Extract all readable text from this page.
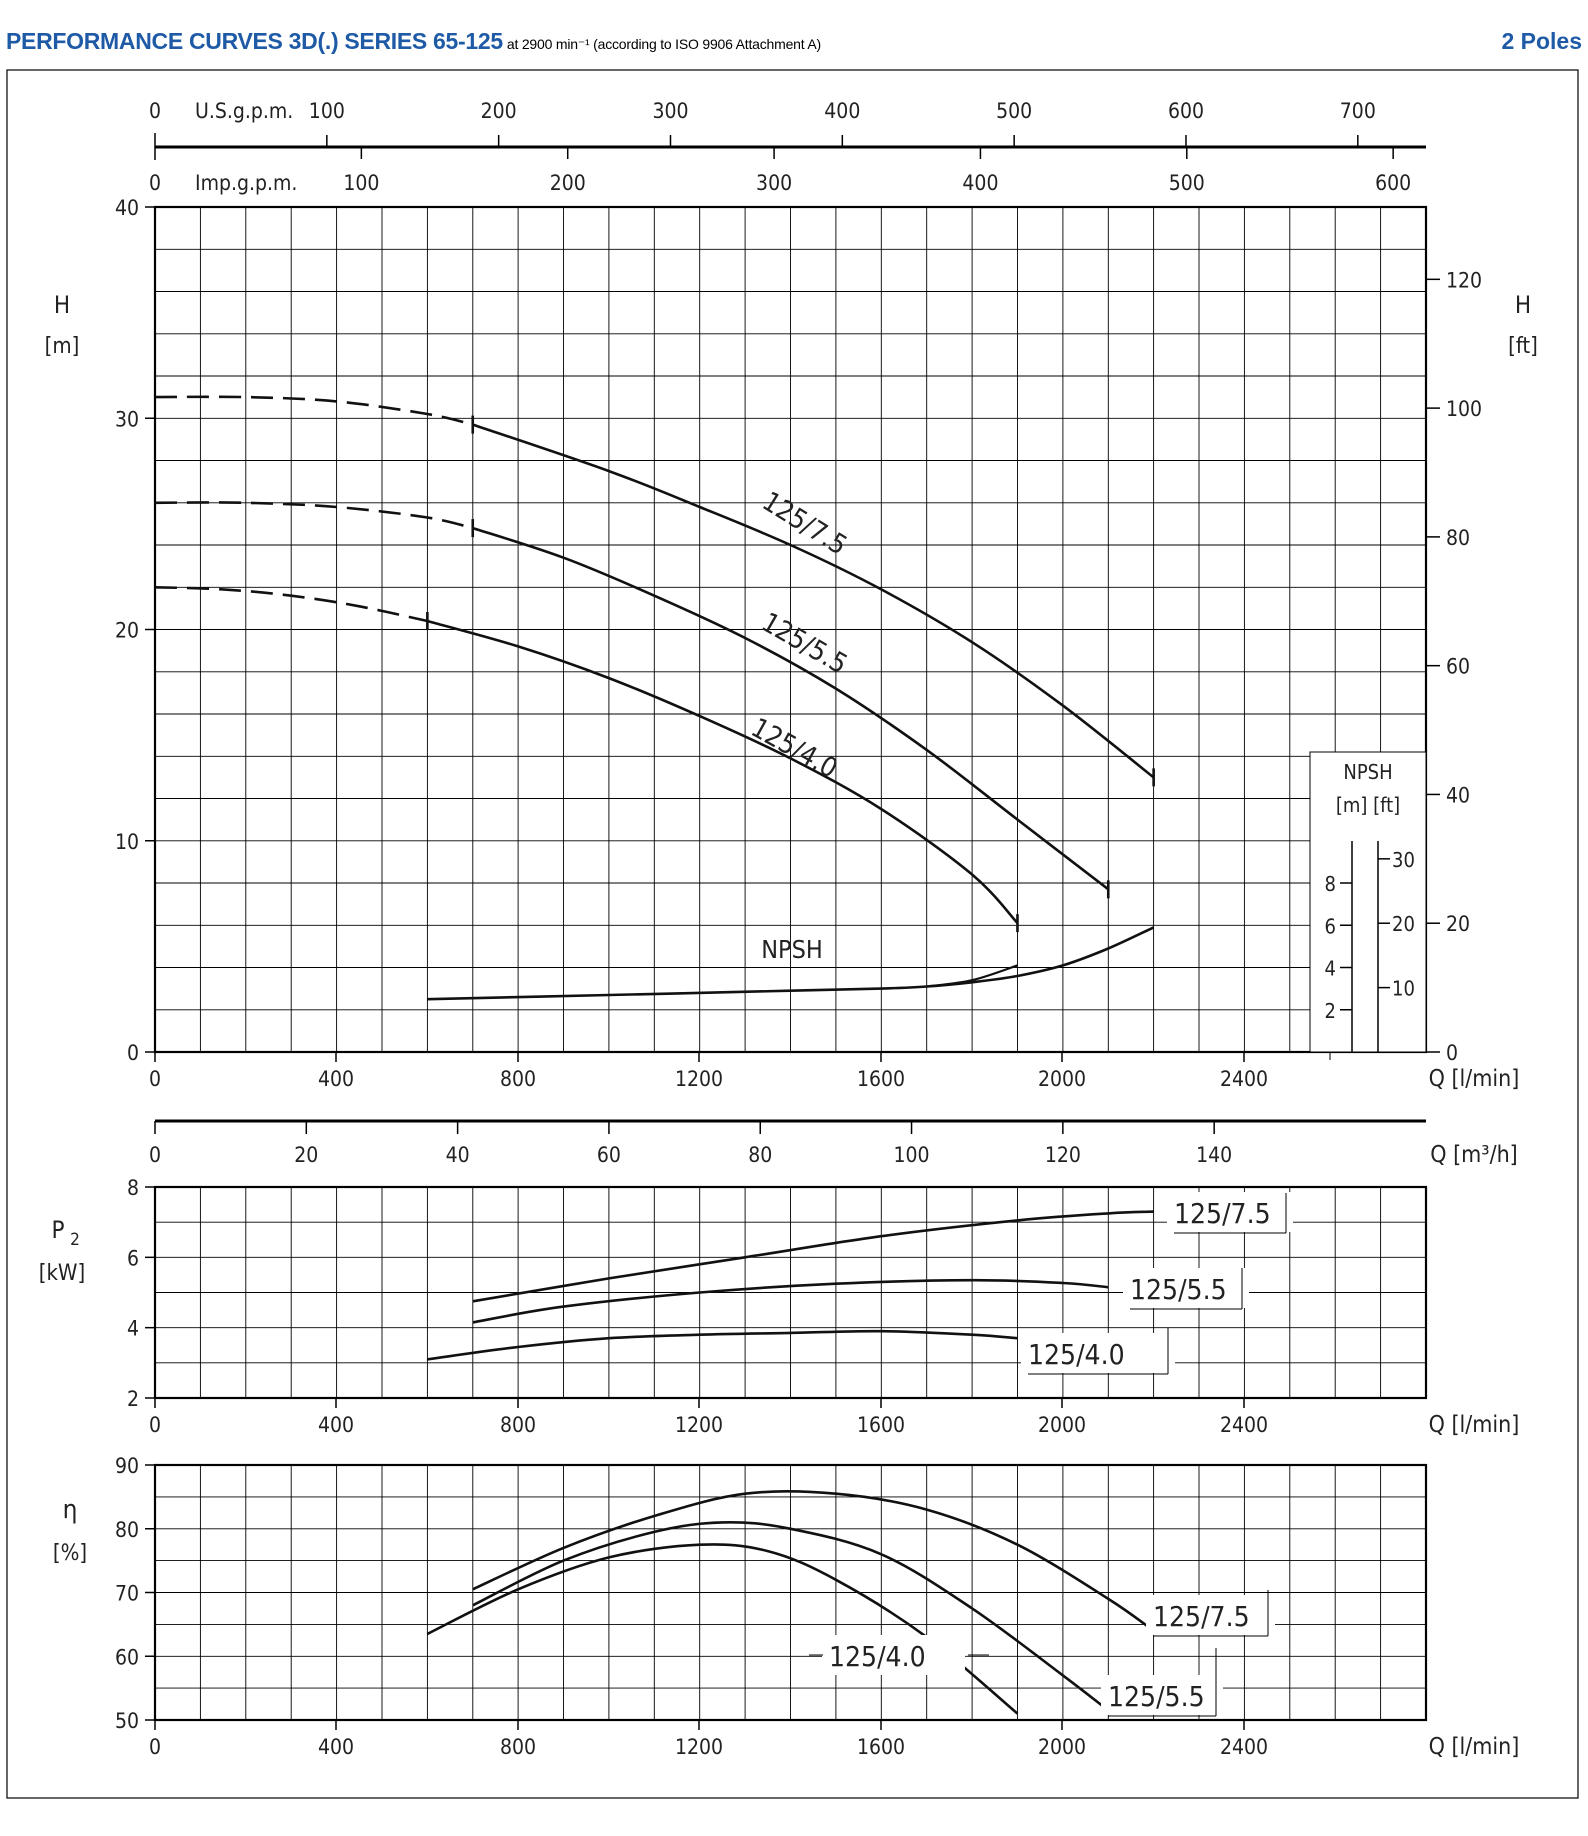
PERFORMANCE CURVES 3D(.) SERIES 65-125 at 2900 min⁻¹ (according to ISO 9906 Attachment A)	2 Poles
0
10
20
30
40
0	400	800	1200	1600	2000	2400	Q [l/min]
2
4
6
8
0	400	800	1200	1600	2000	2400	Q [l/min]
50
60
70
80
90
0	400	800	1200	1600	2000	2400	Q [l/min]
0
20
40
60
80
100
120
H
[m]
H
[ft]
0	100	200	300	400	500	600	700
U.S.g.p.m.
0	100	200	300	400	500	600
Imp.g.p.m.
0	20	40	60	80	100	120	140	Q [m³/h]
125/7.5
125/5.5
125/4.0
NPSH
NPSH
[m] [ft]
2
4
6
8
10
20
30
P 2
[kW]
125/7.5
125/5.5
125/4.0
η
[%]
125/7.5
125/5.5
125/4.0
